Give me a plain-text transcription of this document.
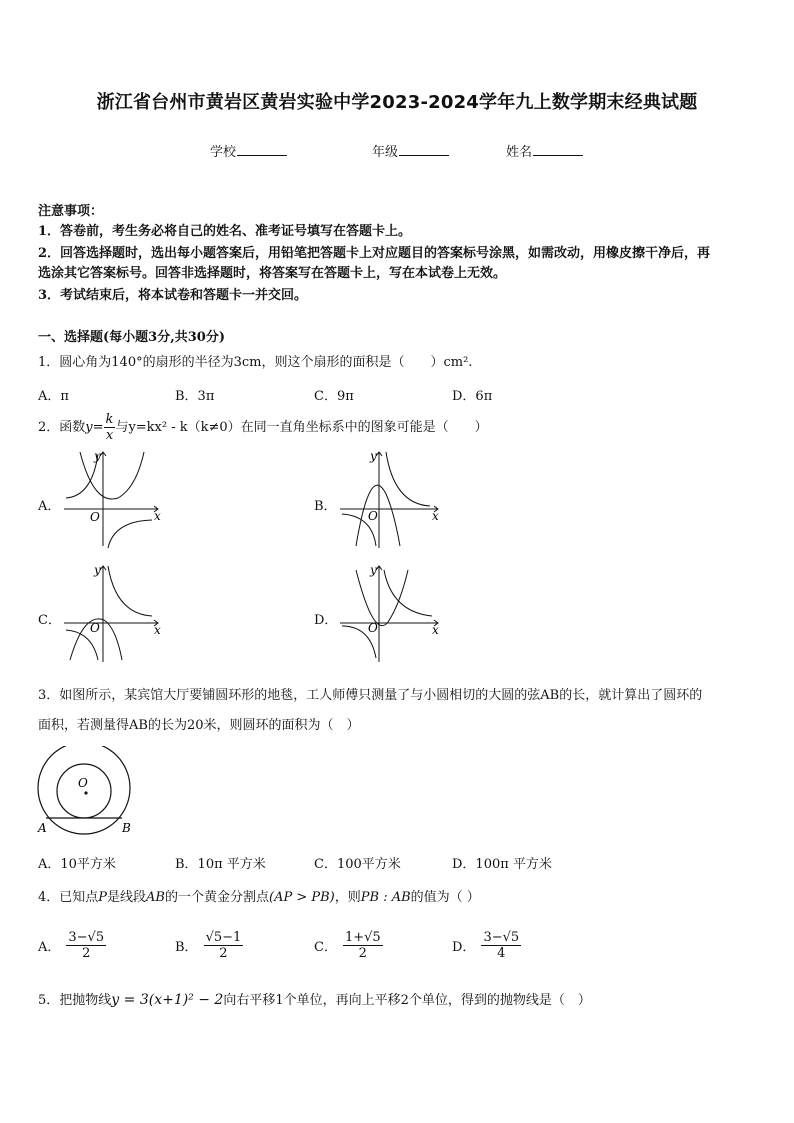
浙江省台州市黄岩区黄岩实验中学2023-2024学年九上数学期末经典试题
学校	年级	姓名
注意事项：
1．答卷前，考生务必将自己的姓名、准考证号填写在答题卡上。
2．回答选择题时，选出每小题答案后，用铅笔把答题卡上对应题目的答案标号涂黑，如需改动，用橡皮擦干净后，再
选涂其它答案标号。回答非选择题时，将答案写在答题卡上，写在本试卷上无效。
3．考试结束后，将本试卷和答题卡一并交回。
一、选择题(每小题3分,共30分)
1．圆心角为140°的扇形的半径为3cm，则这个扇形的面积是（　　）cm².
A．π	B．3π	C．9π	D．6π
2．函数 $y = \frac{k}{x}$ 与y=kx² - k（k≠0）在同一直角坐标系中的图象可能是（　　）
A．	B．
C．	D．
y
x
O
y
x
O
y
x
O
y
x
O
3．如图所示，某宾馆大厅要铺圆环形的地毯，工人师傅只测量了与小圆相切的大圆的弦AB的长，就计算出了圆环的
面积，若测量得AB的长为20米，则圆环的面积为（　）
O
A	B
A．10平方米	B．10π 平方米	C．100平方米	D．100π 平方米
4．已知点P是线段AB的一个黄金分割点(AP > PB)，则PB : AB的值为（ ）
A． $\frac{3-√5}{2}$	B． $\frac{√5-1}{2}$	C． $\frac{1+√5}{2}$	D． $\frac{3-√5}{4}$
5．把抛物线y = 3(x+1)² − 2向右平移1个单位，再向上平移2个单位，得到的抛物线是（　）
